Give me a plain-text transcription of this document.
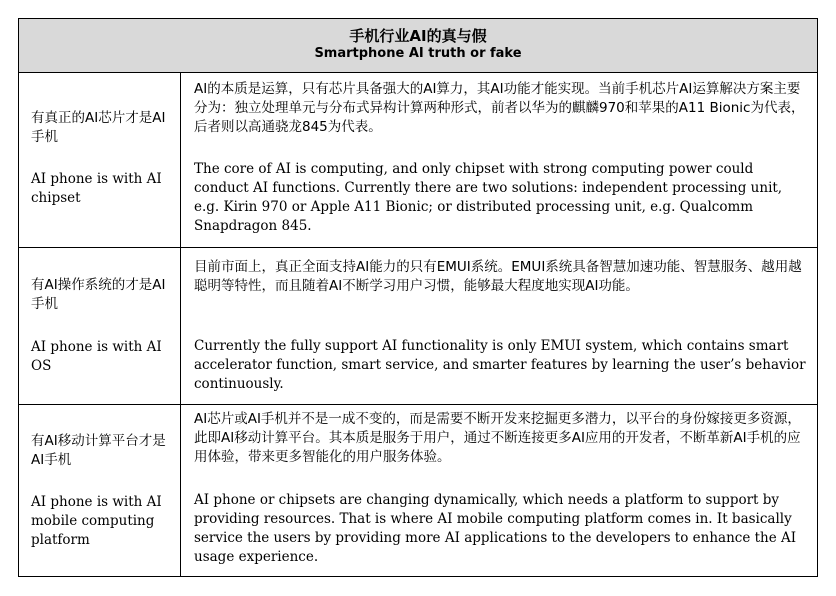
手机行业AI的真与假
Smartphone AI truth or fake
有真正的AI芯片才是AI手机
AI phone is with AI chipset
AI的本质是运算，只有芯片具备强大的AI算力，其AI功能才能实现。当前手机芯片AI运算解决方案主要分为：独立处理单元与分布式异构计算两种形式，前者以华为的麒麟970和苹果的A11 Bionic为代表，后者则以高通骁龙845为代表。
The core of AI is computing, and only chipset with strong computing power could conduct AI functions. Currently there are two solutions: independent processing unit, e.g. Kirin 970 or Apple A11 Bionic; or distributed processing unit, e.g. Qualcomm Snapdragon 845.
有AI操作系统的才是AI手机
AI phone is with AI OS
目前市面上，真正全面支持AI能力的只有EMUI系统。EMUI系统具备智慧加速功能、智慧服务、越用越聪明等特性，而且随着AI不断学习用户习惯，能够最大程度地实现AI功能。
Currently the fully support AI functionality is only EMUI system, which contains smart accelerator function, smart service, and smarter features by learning the user’s behavior continuously.
有AI移动计算平台才是AI手机
AI phone is with AI mobile computing platform
AI芯片或AI手机并不是一成不变的，而是需要不断开发来挖掘更多潜力，以平台的身份嫁接更多资源，此即AI移动计算平台。其本质是服务于用户，通过不断连接更多AI应用的开发者，不断革新AI手机的应用体验，带来更多智能化的用户服务体验。
AI phone or chipsets are changing dynamically, which needs a platform to support by providing resources. That is where AI mobile computing platform comes in. It basically service the users by providing more AI applications to the developers to enhance the AI usage experience.
